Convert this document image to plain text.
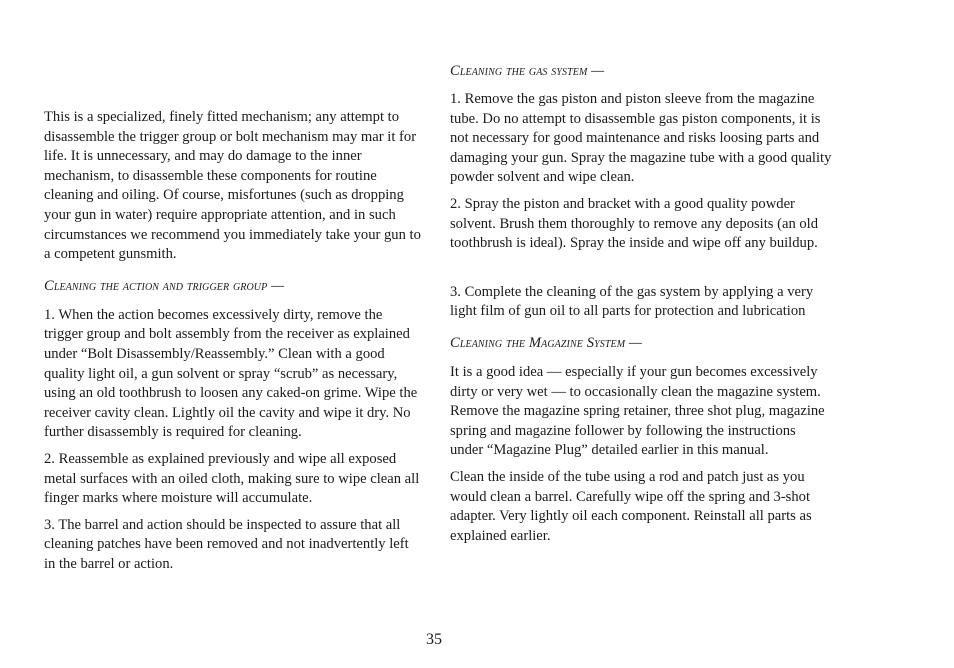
This is a specialized, finely fitted mechanism; any attempt to disassemble the trigger group or bolt mechanism may mar it for life. It is unnecessary, and may do damage to the inner mechanism, to disassemble these components for routine cleaning and oiling. Of course, misfortunes (such as dropping your gun in water) require appropriate attention, and in such circumstances we recommend you immediately take your gun to a competent gunsmith.

Cleaning the action and trigger group —

1. When the action becomes excessively dirty, remove the trigger group and bolt assembly from the receiver as explained under “Bolt Disassembly/Reassembly.” Clean with a good quality light oil, a gun solvent or spray “scrub” as necessary, using an old toothbrush to loosen any caked-on grime. Wipe the receiver cavity clean. Lightly oil the cavity and wipe it dry. No further disassembly is required for cleaning.

2. Reassemble as explained previously and wipe all exposed metal surfaces with an oiled cloth, making sure to wipe clean all finger marks where moisture will accumulate.

3. The barrel and action should be inspected to assure that all cleaning patches have been removed and not inadvertently left in the barrel or action.

Cleaning the gas system —

1. Remove the gas piston and piston sleeve from the magazine tube. Do no attempt to disassemble gas piston components, it is not necessary for good maintenance and risks loosing parts and damaging your gun. Spray the magazine tube with a good quality powder solvent and wipe clean.

2. Spray the piston and bracket with a good quality powder solvent. Brush them thoroughly to remove any deposits (an old toothbrush is ideal). Spray the inside and wipe off any buildup.

3. Complete the cleaning of the gas system by applying a very light film of gun oil to all parts for protection and lubrication

Cleaning the Magazine System —

It is a good idea — especially if your gun becomes excessively dirty or very wet — to occasionally clean the magazine system. Remove the magazine spring retainer, three shot plug, magazine spring and magazine follower by following the instructions under “Magazine Plug” detailed earlier in this manual.

Clean the inside of the tube using a rod and patch just as you would clean a barrel. Carefully wipe off the spring and 3-shot adapter. Very lightly oil each component. Reinstall all parts as explained earlier.

35
